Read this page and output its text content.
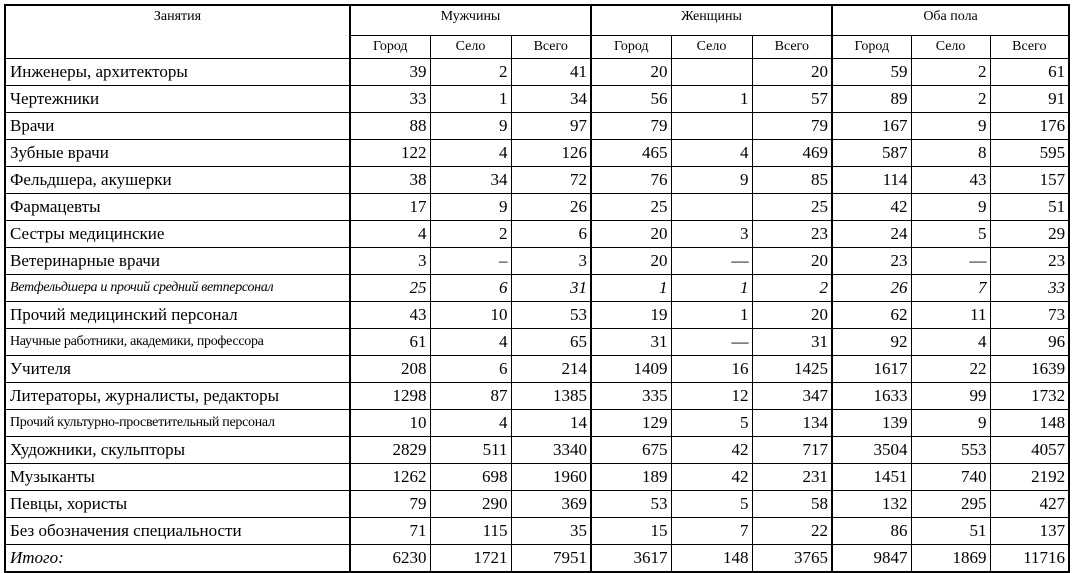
Занятия	Мужчины			Женщины			Оба пола		
	Город	Село	Всего	Город	Село	Всего	Город	Село	Всего
Инженеры, архитекторы	39	2	41	20		20	59	2	61
Чертежники	33	1	34	56	1	57	89	2	91
Врачи	88	9	97	79		79	167	9	176
Зубные врачи	122	4	126	465	4	469	587	8	595
Фельдшера, акушерки	38	34	72	76	9	85	114	43	157
Фармацевты	17	9	26	25		25	42	9	51
Сестры медицинские	4	2	6	20	3	23	24	5	29
Ветеринарные врачи	3	–	3	20	—	20	23	—	23
Ветфельдшера и прочий средний ветперсонал	25	6	31	1	1	2	26	7	33
Прочий медицинский персонал	43	10	53	19	1	20	62	11	73
Научные работники, академики, профессора	61	4	65	31	—	31	92	4	96
Учителя	208	6	214	1409	16	1425	1617	22	1639
Литераторы, журналисты, редакторы	1298	87	1385	335	12	347	1633	99	1732
Прочий культурно-просветительный персонал	10	4	14	129	5	134	139	9	148
Художники, скульпторы	2829	511	3340	675	42	717	3504	553	4057
Музыканты	1262	698	1960	189	42	231	1451	740	2192
Певцы, хористы	79	290	369	53	5	58	132	295	427
Без обозначения специальности	71	115	35	15	7	22	86	51	137
Итого:	6230	1721	7951	3617	148	3765	9847	1869	11716
